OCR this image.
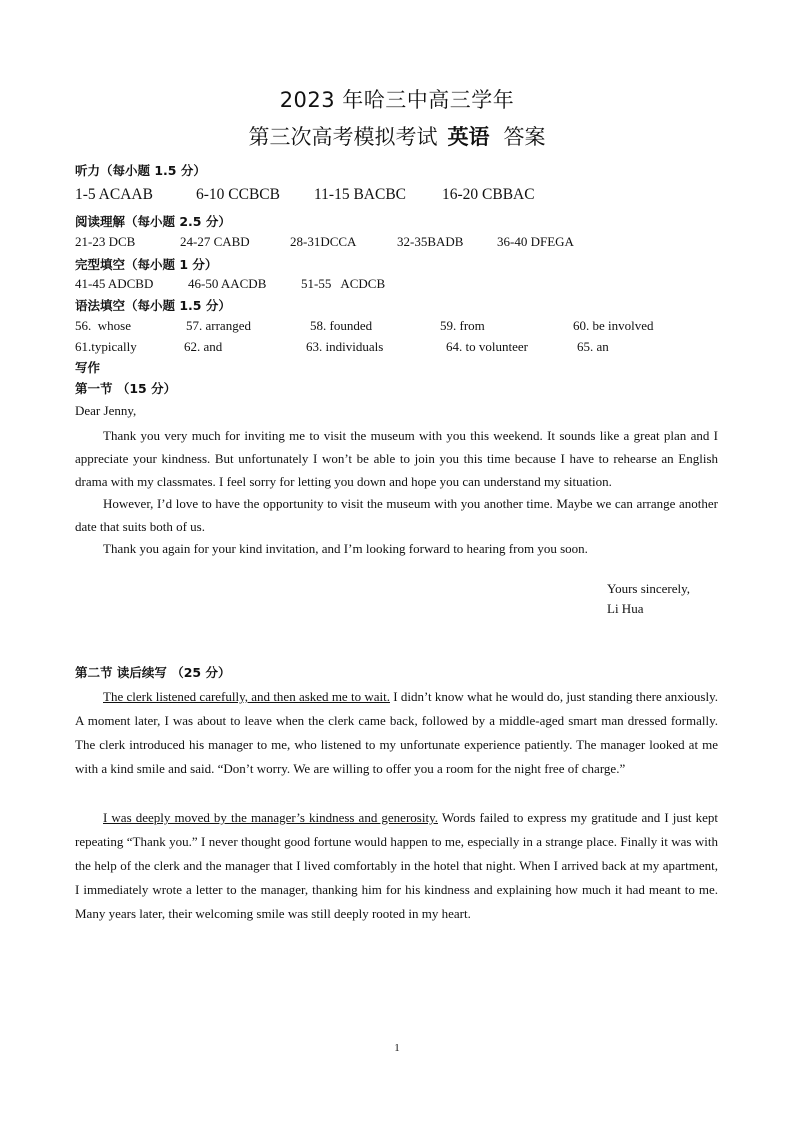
2023 年哈三中高三学年
第三次高考模拟考试 英语 答案
听力（每小题 1.5 分）
1-5 ACAAB	6-10 CCBCB 11-15 BACBC 16-20 CBBAC
阅读理解（每小题 2.5 分）
21-23 DCB	24-27 CABD	28-31DCCA	32-35BADB	36-40 DFEGA
完型填空（每小题 1 分）
41-45 ADCBD	46-50 AACDB	51-55   ACDCB
语法填空（每小题 1.5 分）
56.  whose	57. arranged	58. founded	59. from	60. be involved
61.typically	62. and	63. individuals	64. to volunteer	65. an
写作
第一节 （15 分）
Dear Jenny,
Thank you very much for inviting me to visit the museum with you this weekend. It sounds like a great plan and I appreciate your kindness. But unfortunately I won’t be able to join you this time because I have to rehearse an English drama with my classmates. I feel sorry for letting you down and hope you can understand my situation.
However, I’d love to have the opportunity to visit the museum with you another time. Maybe we can arrange another date that suits both of us.
Thank you again for your kind invitation, and I’m looking forward to hearing from you soon.
Yours sincerely,
Li Hua
第二节 读后续写 （25 分）
The clerk listened carefully, and then asked me to wait. I didn’t know what he would do, just standing there anxiously. A moment later, I was about to leave when the clerk came back, followed by a middle-aged smart man dressed formally. The clerk introduced his manager to me, who listened to my unfortunate experience patiently. The manager looked at me with a kind smile and said. “Don’t worry. We are willing to offer you a room for the night free of charge.”
I was deeply moved by the manager’s kindness and generosity. Words failed to express my gratitude and I just kept repeating “Thank you.” I never thought good fortune would happen to me, especially in a strange place. Finally it was with the help of the clerk and the manager that I lived comfortably in the hotel that night. When I arrived back at my apartment, I immediately wrote a letter to the manager, thanking him for his kindness and explaining how much it had meant to me. Many years later, their welcoming smile was still deeply rooted in my heart.
1
